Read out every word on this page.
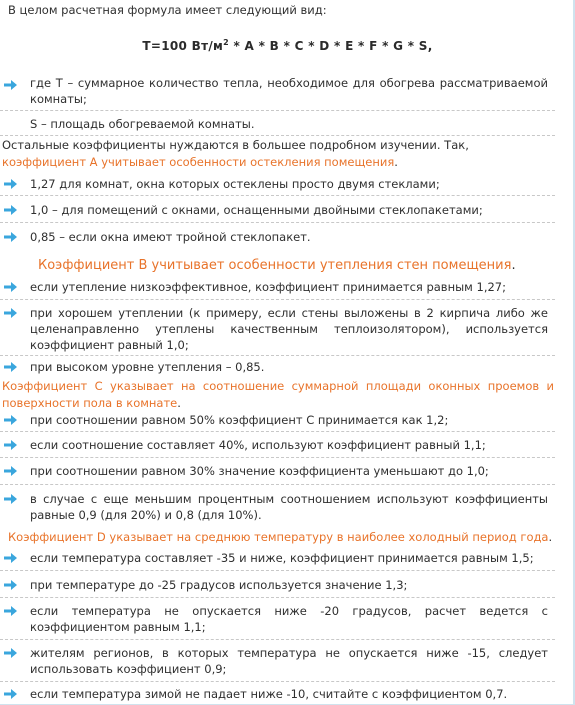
В целом расчетная формула имеет следующий вид:
T=100 $Вт/м^2$ * A * B * C * D * E * F * G * S,
где T – суммарное количество тепла, необходимое для обогрева рассматриваемой комнаты;
S – площадь обогреваемой комнаты.
Остальные коэффициенты нуждаются в большее подробном изучении. Так, коэффициент А учитывает особенности остекления помещения.
1,27 для комнат, окна которых остеклены просто двумя стеклами;
1,0 – для помещений с окнами, оснащенными двойными стеклопакетами;
0,85 – если окна имеют тройной стеклопакет.
Коэффициент В учитывает особенности утепления стен помещения.
если утепление низкоэффективное, коэффициент принимается равным 1,27;
при хорошем утеплении (к примеру, если стены выложены в 2 кирпича либо же целенаправленно утеплены качественным теплоизолятором), используется коэффициент равный 1,0;
при высоком уровне утепления – 0,85.
Коэффициент С указывает на соотношение суммарной площади оконных проемов и поверхности пола в комнате.
при соотношении равном 50% коэффициент С принимается как 1,2;
если соотношение составляет 40%, используют коэффициент равный 1,1;
при соотношении равном 30% значение коэффициента уменьшают до 1,0;
в случае с еще меньшим процентным соотношением используют коэффициенты равные 0,9 (для 20%) и 0,8 (для 10%).
Коэффициент D указывает на среднюю температуру в наиболее холодный период года.
если температура составляет -35 и ниже, коэффициент принимается равным 1,5;
при температуре до -25 градусов используется значение 1,3;
если температура не опускается ниже -20 градусов, расчет ведется с коэффициентом равным 1,1;
жителям регионов, в которых температура не опускается ниже -15, следует использовать коэффициент 0,9;
если температура зимой не падает ниже -10, считайте с коэффициентом 0,7.
